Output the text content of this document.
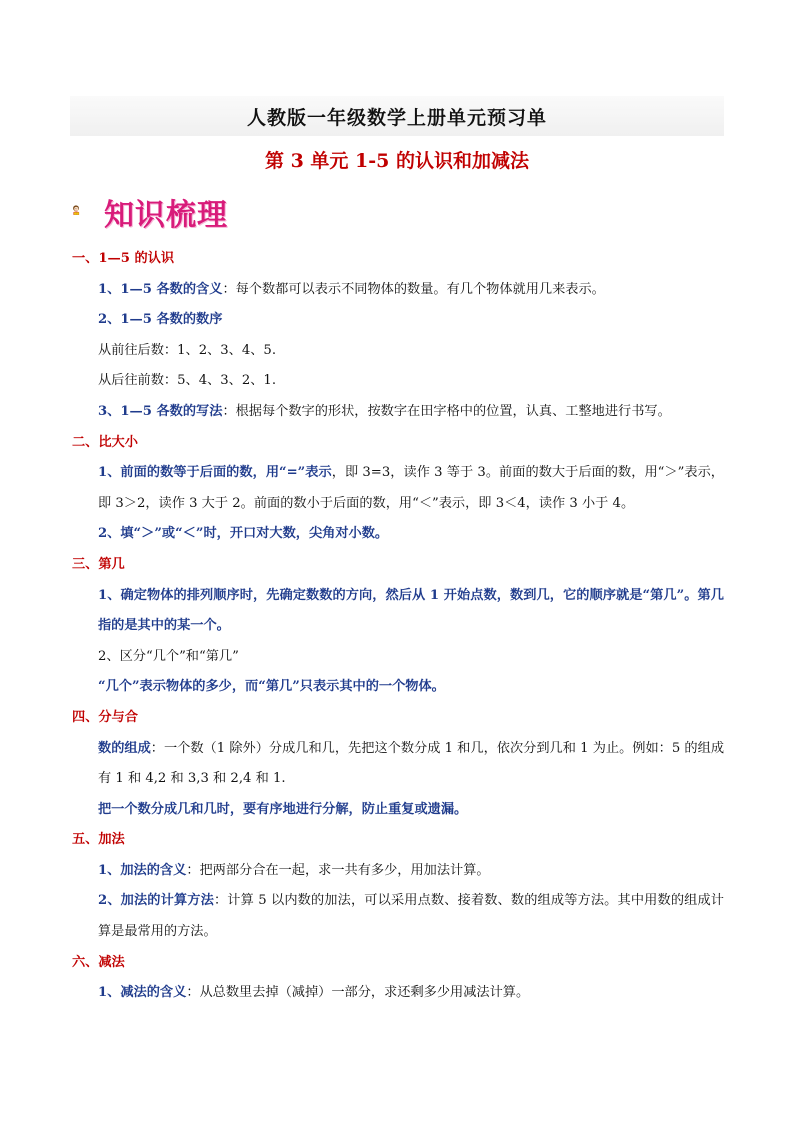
人教版一年级数学上册单元预习单
第 3 单元 1-5 的认识和加减法
知识梳理
一、1—5 的认识
1、1—5 各数的含义：每个数都可以表示不同物体的数量。有几个物体就用几来表示。
2、1—5 各数的数序
从前往后数：1、2、3、4、5.
从后往前数：5、4、3、2、1.
3、1—5 各数的写法：根据每个数字的形状，按数字在田字格中的位置，认真、工整地进行书写。
二、比大小
1、前面的数等于后面的数，用“=”表示，即 3=3，读作 3 等于 3。前面的数大于后面的数，用“＞”表示，即 3＞2，读作 3 大于 2。前面的数小于后面的数，用“＜”表示，即 3＜4，读作 3 小于 4。
2、填“＞”或“＜”时，开口对大数，尖角对小数。
三、第几
1、确定物体的排列顺序时，先确定数数的方向，然后从 1 开始点数，数到几，它的顺序就是“第几”。第几指的是其中的某一个。
2、区分“几个”和“第几”
“几个”表示物体的多少，而“第几”只表示其中的一个物体。
四、分与合
数的组成：一个数（1 除外）分成几和几，先把这个数分成 1 和几，依次分到几和 1 为止。例如：5 的组成有 1 和 4,2 和 3,3 和 2,4 和 1.
把一个数分成几和几时，要有序地进行分解，防止重复或遗漏。
五、加法
1、加法的含义：把两部分合在一起，求一共有多少，用加法计算。
2、加法的计算方法：计算 5 以内数的加法，可以采用点数、接着数、数的组成等方法。其中用数的组成计算是最常用的方法。
六、减法
1、减法的含义：从总数里去掉（减掉）一部分，求还剩多少用减法计算。
